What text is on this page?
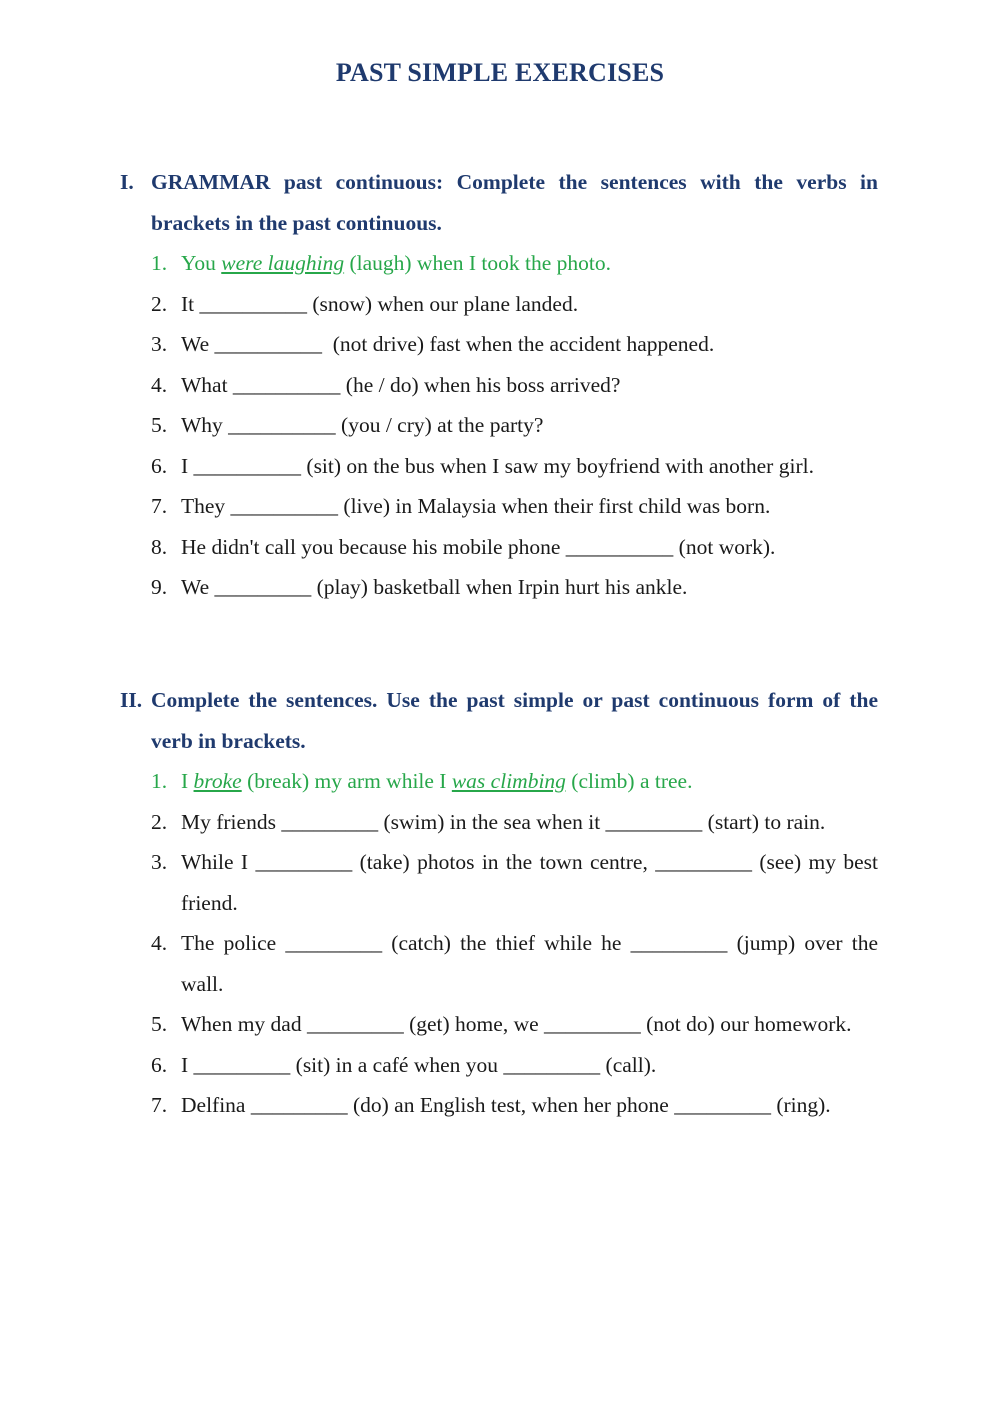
PAST SIMPLE EXERCISES
I. GRAMMAR past continuous: Complete the sentences with the verbs in brackets in the past continuous.
1. You were laughing (laugh) when I took the photo.
2. It __________ (snow) when our plane landed.
3. We __________  (not drive) fast when the accident happened.
4. What __________ (he / do) when his boss arrived?
5. Why __________ (you / cry) at the party?
6. I __________ (sit) on the bus when I saw my boyfriend with another girl.
7. They __________ (live) in Malaysia when their first child was born.
8. He didn't call you because his mobile phone __________ (not work).
9. We _________ (play) basketball when Irpin hurt his ankle.
II. Complete the sentences. Use the past simple or past continuous form of the verb in brackets.
1. I broke (break) my arm while I was climbing (climb) a tree.
2. My friends _________ (swim) in the sea when it _________ (start) to rain.
3. While I _________ (take) photos in the town centre, _________ (see) my best friend.
4. The police _________ (catch) the thief while he _________ (jump) over the wall.
5. When my dad _________ (get) home, we _________ (not do) our homework.
6. I _________ (sit) in a café when you _________ (call).
7. Delfina _________ (do) an English test, when her phone _________ (ring).
